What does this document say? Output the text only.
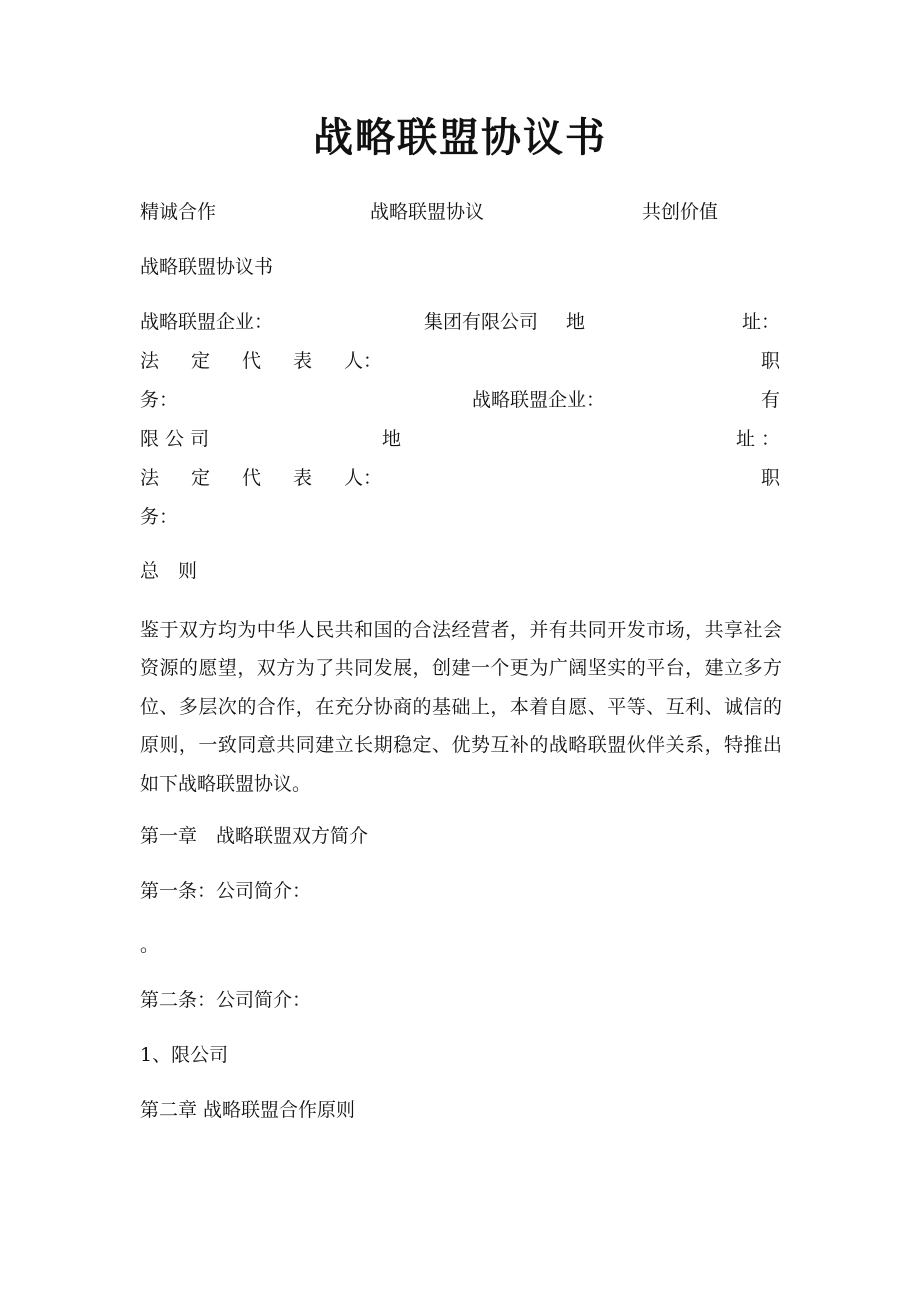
战略联盟协议书
精诚合作	战略联盟协议	共创价值
战略联盟协议书
战略联盟企业：	集团有限公司 地	址：
法 定 代 表 人：	职
务：	战略联盟企业：	有
限 公 司	地	址 ：
法 定 代 表 人：	职
务：
总　则
鉴于双方均为中华人民共和国的合法经营者，并有共同开发市场，共享社会资源的愿望，双方为了共同发展，创建一个更为广阔坚实的平台，建立多方位、多层次的合作，在充分协商的基础上，本着自愿、平等、互利、诚信的原则，一致同意共同建立长期稳定、优势互补的战略联盟伙伴关系，特推出如下战略联盟协议。
第一章　战略联盟双方简介
第一条：公司简介：
。
第二条：公司简介：
1、限公司
第二章 战略联盟合作原则
